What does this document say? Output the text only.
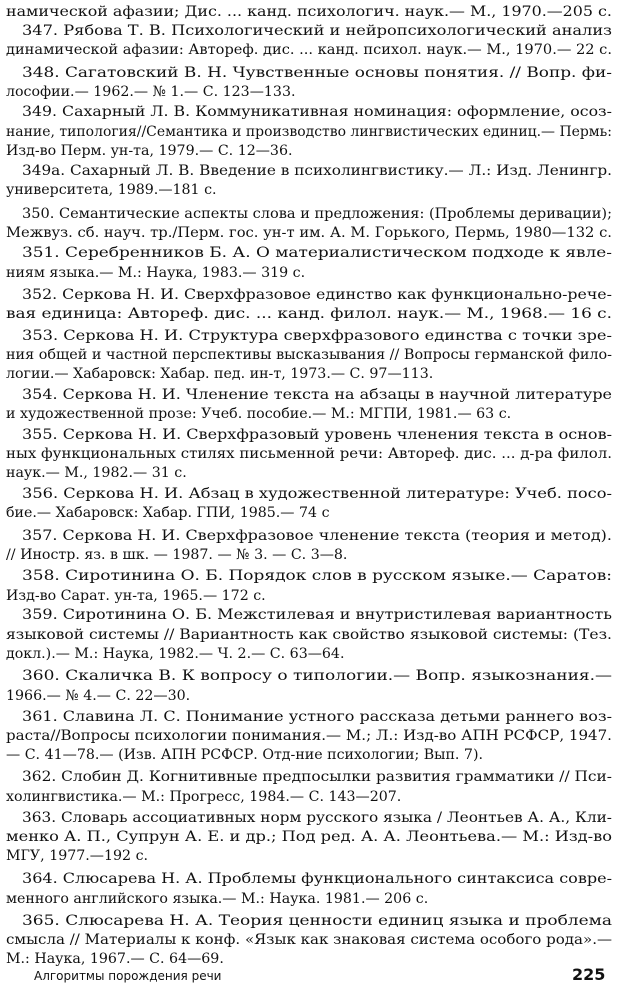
намической афазии; Дис. ... канд. психологич. наук.— М., 1970.—205 с.
347. Рябова Т. В. Психологический и нейропсихологический анализ
динамической афазии: Автореф. дис. ... канд. психол. наук.— М., 1970.— 22 с.
348. Сагатовский В. Н. Чувственные основы понятия. // Вопр. фи-
лософии.— 1962.— № 1.— С. 123—133.
349. Сахарный Л. В. Коммуникативная номинация: оформление, осоз-
нание, типология//Семантика и производство лингвистических единиц.— Пермь:
Изд-во Перм. ун-та, 1979.— С. 12—36.
349а. Сахарный Л. В. Введение в психолингвистику.— Л.: Изд. Ленингр.
университета, 1989.—181 с.
350. Семантические аспекты слова и предложения: (Проблемы деривации);
Межвуз. сб. науч. тр./Перм. гос. ун-т им. А. М. Горького, Пермь, 1980—132 с.
351. Серебренников Б. А. О материалистическом подходе к явле-
ниям языка.— М.: Наука, 1983.— 319 с.
352. Серкова Н. И. Сверхфразовое единство как функционально-рече-
вая единица: Автореф. дис. ... канд. филол. наук.— М., 1968.— 16 с.
353. Серкова Н. И. Структура сверхфразового единства с точки зре-
ния общей и частной перспективы высказывания // Вопросы германской фило-
логии.— Хабаровск: Хабар. пед. ин-т, 1973.— С. 97—113.
354. Серкова Н. И. Членение текста на абзацы в научной литературе
и художественной прозе: Учеб. пособие.— М.: МГПИ, 1981.— 63 с.
355. Серкова Н. И. Сверхфразовый уровень членения текста в основ-
ных функциональных стилях письменной речи: Автореф. дис. ... д-ра филол.
наук.— М., 1982.— 31 с.
356. Серкова Н. И. Абзац в художественной литературе: Учеб. посо-
бие.— Хабаровск: Хабар. ГПИ, 1985.— 74 с
357. Серкова Н. И. Сверхфразовое членение текста (теория и метод).
// Иностр. яз. в шк. — 1987. — № 3. — С. 3—8.
358. Сиротинина О. Б. Порядок слов в русском языке.— Саратов:
Изд-во Сарат. ун-та, 1965.— 172 с.
359. Сиротинина О. Б. Межстилевая и внутристилевая вариантность
языковой системы // Вариантность как свойство языковой системы: (Тез.
докл.).— М.: Наука, 1982.— Ч. 2.— С. 63—64.
360. Скаличка В. К вопросу о типологии.— Вопр. языкознания.—
1966.— № 4.— С. 22—30.
361. Славина Л. С. Понимание устного рассказа детьми раннего воз-
раста//Вопросы психологии понимания.— М.; Л.: Изд-во АПН РСФСР, 1947.
— С. 41—78.— (Изв. АПН РСФСР. Отд-ние психологии; Вып. 7).
362. Слобин Д. Когнитивные предпосылки развития грамматики // Пси-
холингвистика.— М.: Прогресс, 1984.— С. 143—207.
363. Словарь ассоциативных норм русского языка / Леонтьев А. А., Кли-
менко А. П., Супрун А. Е. и др.; Под ред. А. А. Леонтьева.— М.: Изд-во
МГУ, 1977.—192 с.
364. Слюсарева Н. А. Проблемы функционального синтаксиса совре-
менного английского языка.— М.: Наука. 1981.— 206 с.
365. Слюсарева Н. А. Теория ценности единиц языка и проблема
смысла // Материалы к конф. «Язык как знаковая система особого рода».—
М.: Наука, 1967.— С. 64—69.
Алгоритмы порождения речи	225
